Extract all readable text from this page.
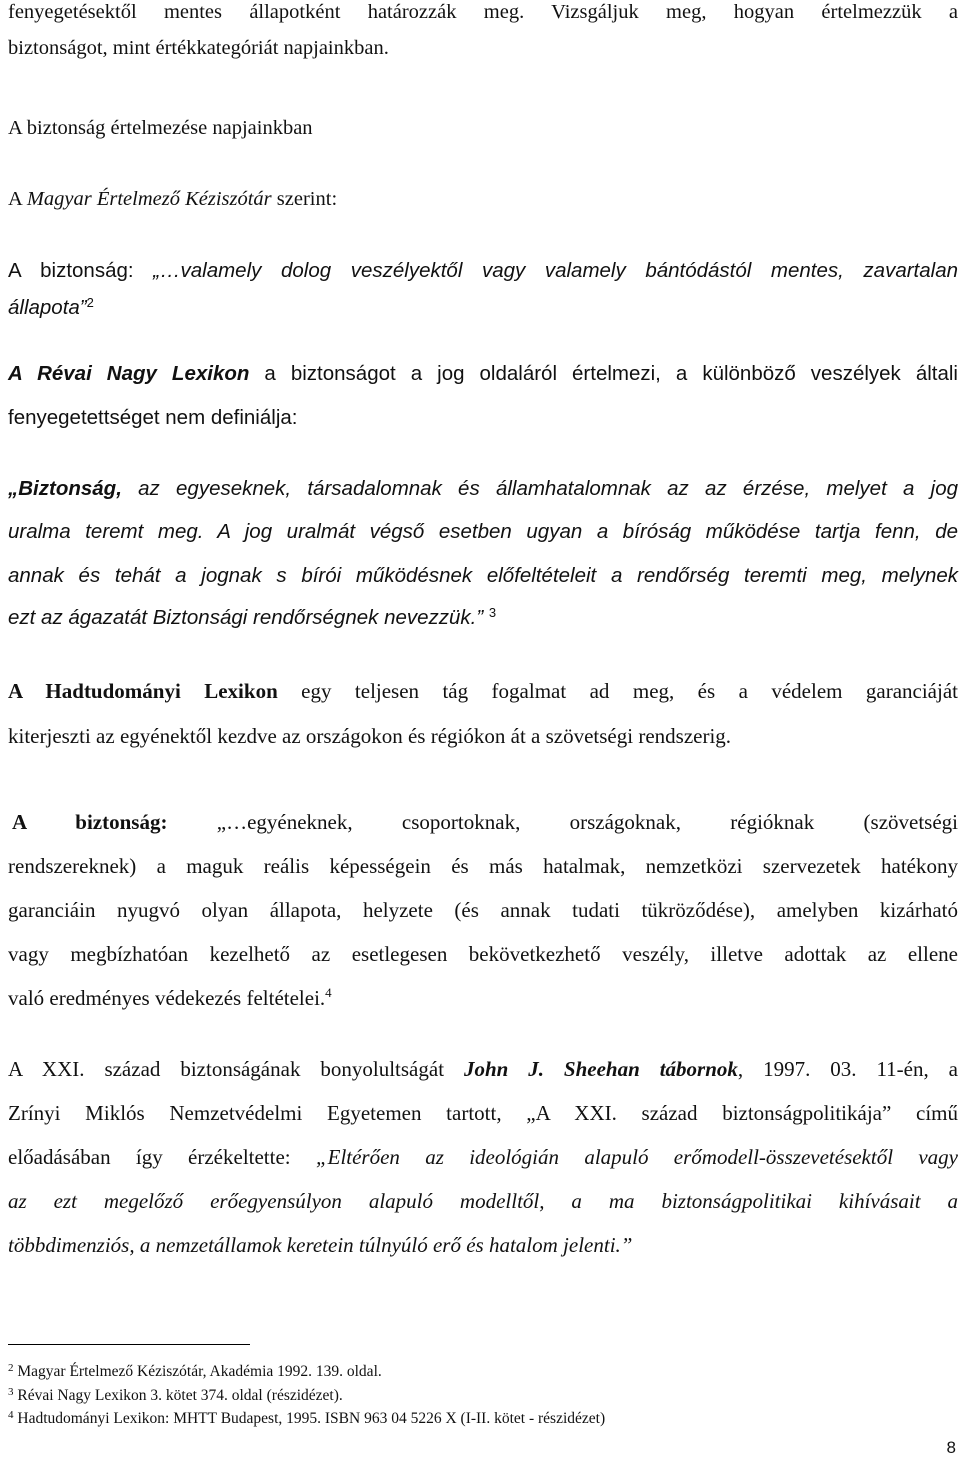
fenyegetésektől mentes állapotként határozzák meg. Vizsgáljuk meg, hogyan értelmezzük a
biztonságot, mint értékkategóriát napjainkban.
A biztonság értelmezése napjainkban
A Magyar Értelmező Kéziszótár szerint:
A biztonság: „…valamely dolog veszélyektől vagy valamely bántódástól mentes, zavartalan
állapota”$^2$
A Révai Nagy Lexikon a biztonságot a jog oldaláról értelmezi, a különböző veszélyek általi
fenyegetettséget nem definiálja:
„Biztonság, az egyeseknek, társadalomnak és államhatalomnak az az érzése, melyet a jog
uralma teremt meg. A jog uralmát végső esetben ugyan a bíróság működése tartja fenn, de
annak és tehát a jognak s bírói működésnek előfeltételeit a rendőrség teremti meg, melynek
ezt az ágazatát Biztonsági rendőrségnek nevezzük.” $^3$
A Hadtudományi Lexikon egy teljesen tág fogalmat ad meg, és a védelem garanciáját
kiterjeszti az egyénektől kezdve az országokon és régiókon át a szövetségi rendszerig.
A biztonság: „…egyéneknek, csoportoknak, országoknak, régióknak (szövetségi
rendszereknek) a maguk reális képességein és más hatalmak, nemzetközi szervezetek hatékony
garanciáin nyugvó olyan állapota, helyzete (és annak tudati tükröződése), amelyben kizárható
vagy megbízhatóan kezelhető az esetlegesen bekövetkezhető veszély, illetve adottak az ellene
való eredményes védekezés feltételei.$^4$
A XXI. század biztonságának bonyolultságát John J. Sheehan tábornok, 1997. 03. 11-én, a
Zrínyi Miklós Nemzetvédelmi Egyetemen tartott, „A XXI. század biztonságpolitikája” című
előadásában így érzékeltette: „Eltérően az ideológián alapuló erőmodell-összevetésektől vagy
az ezt megelőző erőegyensúlyon alapuló modelltől, a ma biztonságpolitikai kihívásait a
többdimenziós, a nemzetállamok keretein túlnyúló erő és hatalom jelenti.”
$^2$ Magyar Értelmező Kéziszótár, Akadémia 1992. 139. oldal.
$^3$ Révai Nagy Lexikon 3. kötet 374. oldal (részidézet).
$^4$ Hadtudományi Lexikon: MHTT Budapest, 1995. ISBN 963 04 5226 X (I-II. kötet - részidézet)
8
